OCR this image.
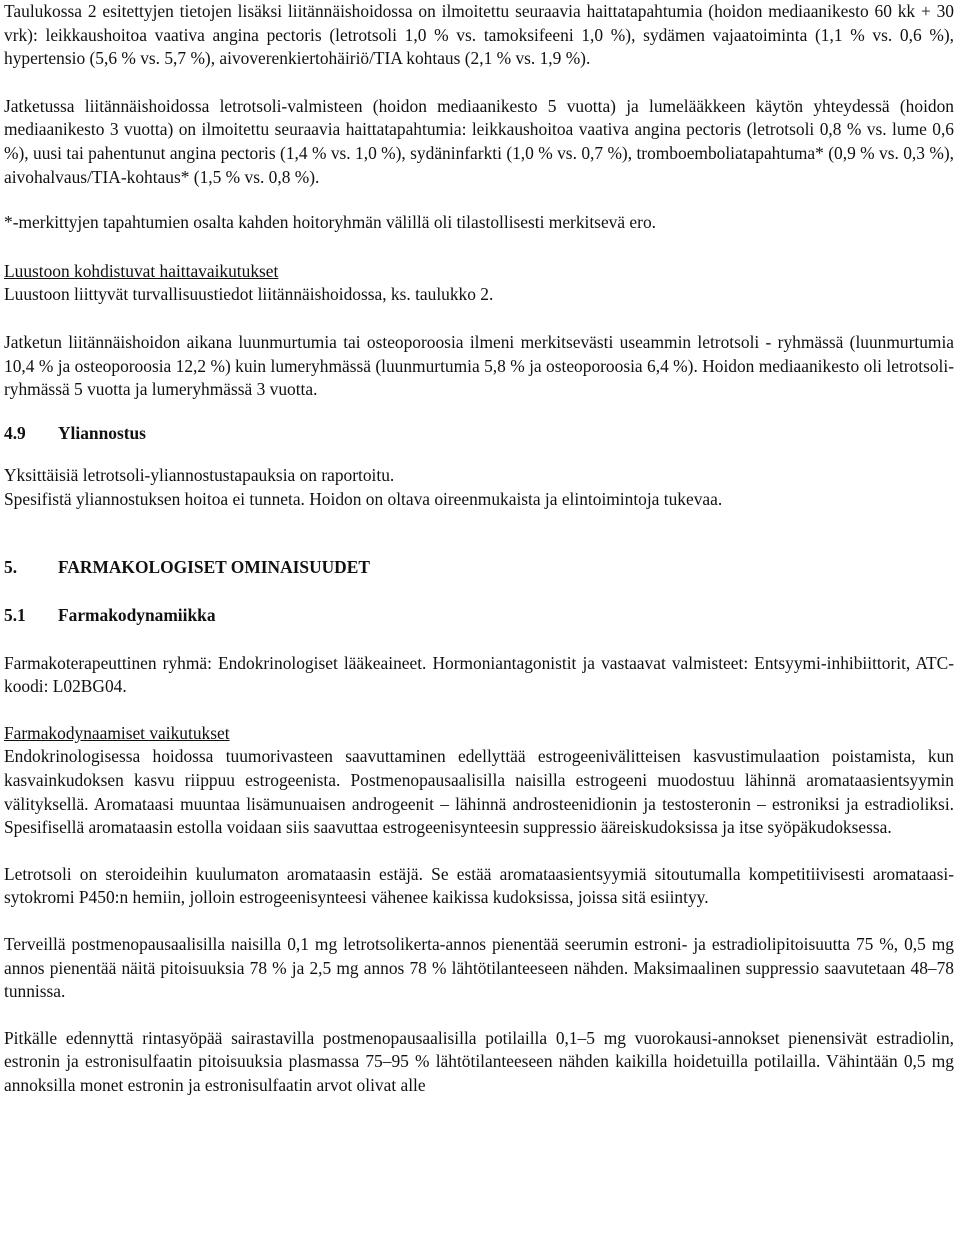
Taulukossa 2 esitettyjen tietojen lisäksi liitännäishoidossa on ilmoitettu seuraavia haittatapahtumia (hoidon mediaanikesto 60 kk + 30 vrk): leikkaushoitoa vaativa angina pectoris (letrotsoli 1,0 % vs. tamoksifeeni 1,0 %), sydämen vajaatoiminta (1,1 % vs. 0,6 %), hypertensio (5,6 % vs. 5,7 %), aivoverenkiertohäiriö/TIA kohtaus (2,1 % vs. 1,9 %).

Jatketussa liitännäishoidossa letrotsoli-valmisteen (hoidon mediaanikesto 5 vuotta) ja lumelääkkeen käytön yhteydessä (hoidon mediaanikesto 3 vuotta) on ilmoitettu seuraavia haittatapahtumia: leikkaushoitoa vaativa angina pectoris (letrotsoli 0,8 % vs. lume 0,6 %), uusi tai pahentunut angina pectoris (1,4 % vs. 1,0 %), sydäninfarkti (1,0 % vs. 0,7 %), tromboemboliatapahtuma* (0,9 % vs. 0,3 %), aivohalvaus/TIA-kohtaus* (1,5 % vs. 0,8 %).

*-merkittyjen tapahtumien osalta kahden hoitoryhmän välillä oli tilastollisesti merkitsevä ero.

Luustoon kohdistuvat haittavaikutukset

Luustoon liittyvät turvallisuustiedot liitännäishoidossa, ks. taulukko 2.

Jatketun liitännäishoidon aikana luunmurtumia tai osteoporoosia ilmeni merkitsevästi useammin letrotsoli - ryhmässä (luunmurtumia 10,4 % ja osteoporoosia 12,2 %) kuin lumeryhmässä (luunmurtumia 5,8 % ja osteoporoosia 6,4 %). Hoidon mediaanikesto oli letrotsoli-ryhmässä 5 vuotta ja lumeryhmässä 3 vuotta.

4.9 Yliannostus

Yksittäisiä letrotsoli-yliannostustapauksia on raportoitu.

Spesifistä yliannostuksen hoitoa ei tunneta. Hoidon on oltava oireenmukaista ja elintoimintoja tukevaa.

5. FARMAKOLOGISET OMINAISUUDET

5.1 Farmakodynamiikka

Farmakoterapeuttinen ryhmä: Endokrinologiset lääkeaineet. Hormoniantagonistit ja vastaavat valmisteet: Entsyymi-inhibiittorit, ATC-koodi: L02BG04.

Farmakodynaamiset vaikutukset

Endokrinologisessa hoidossa tuumorivasteen saavuttaminen edellyttää estrogeenivälitteisen kasvustimulaation poistamista, kun kasvainkudoksen kasvu riippuu estrogeenista. Postmenopausaalisilla naisilla estrogeeni muodostuu lähinnä aromataasientsyymin välityksellä. Aromataasi muuntaa lisämunuaisen androgeenit – lähinnä androsteenidionin ja testosteronin – estroniksi ja estradioliksi. Spesifisellä aromataasin estolla voidaan siis saavuttaa estrogeenisynteesin suppressio ääreiskudoksissa ja itse syöpäkudoksessa.

Letrotsoli on steroideihin kuulumaton aromataasin estäjä. Se estää aromataasientsyymiä sitoutumalla kompetitiivisesti aromataasi-sytokromi P450:n hemiin, jolloin estrogeenisynteesi vähenee kaikissa kudoksissa, joissa sitä esiintyy.

Terveillä postmenopausaalisilla naisilla 0,1 mg letrotsolikerta-annos pienentää seerumin estroni- ja estradiolipitoisuutta 75 %, 0,5 mg annos pienentää näitä pitoisuuksia 78 % ja 2,5 mg annos 78 % lähtötilanteeseen nähden. Maksimaalinen suppressio saavutetaan 48–78 tunnissa.

Pitkälle edennyttä rintasyöpää sairastavilla postmenopausaalisilla potilailla 0,1–5 mg vuorokausi-annokset pienensivät estradiolin, estronin ja estronisulfaatin pitoisuuksia plasmassa 75–95 % lähtötilanteeseen nähden kaikilla hoidetuilla potilailla. Vähintään 0,5 mg annoksilla monet estronin ja estronisulfaatin arvot olivat alle
